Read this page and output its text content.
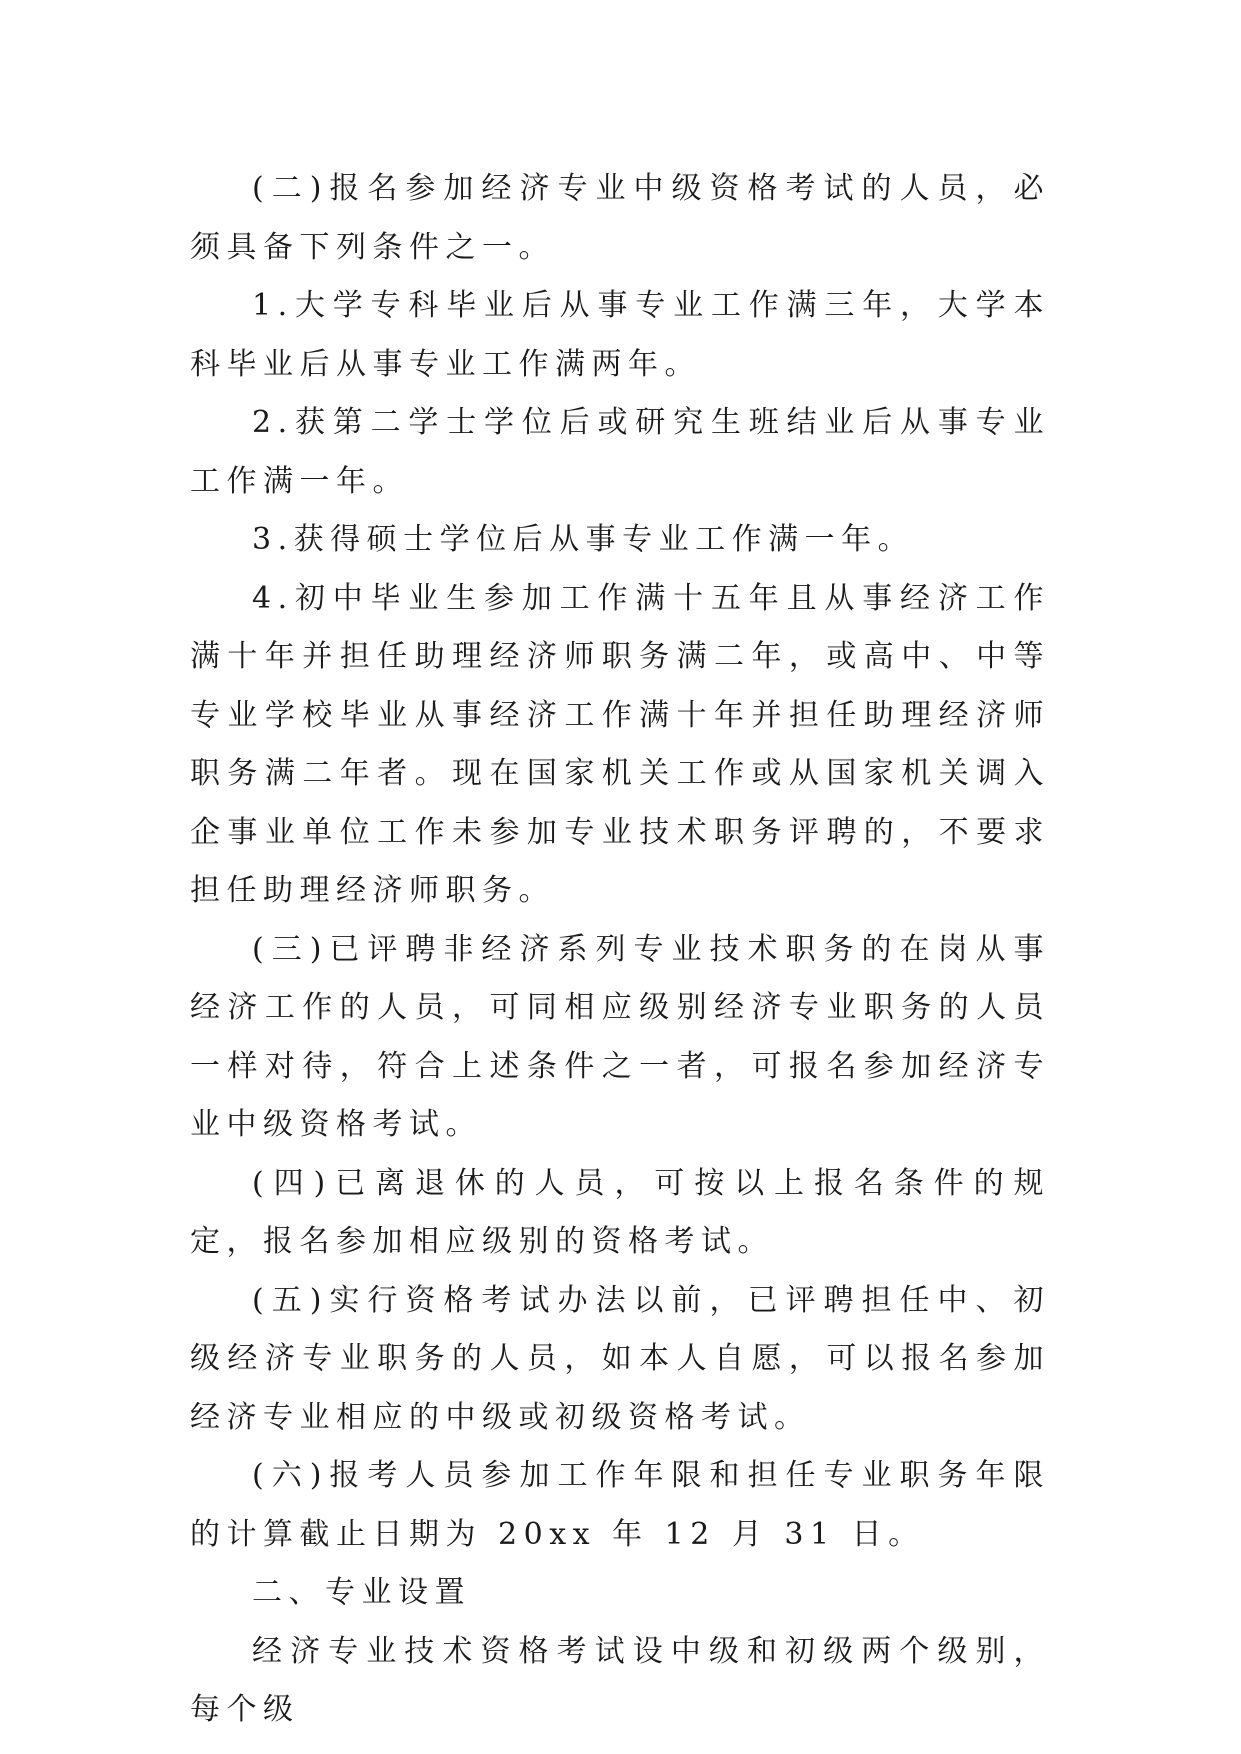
(二)报名参加经济专业中级资格考试的人员，必须具备下列条件之一。

1.大学专科毕业后从事专业工作满三年，大学本科毕业后从事专业工作满两年。

2.获第二学士学位后或研究生班结业后从事专业工作满一年。

3.获得硕士学位后从事专业工作满一年。

4.初中毕业生参加工作满十五年且从事经济工作满十年并担任助理经济师职务满二年，或高中、中等专业学校毕业从事经济工作满十年并担任助理经济师职务满二年者。现在国家机关工作或从国家机关调入企事业单位工作未参加专业技术职务评聘的，不要求担任助理经济师职务。

(三)已评聘非经济系列专业技术职务的在岗从事经济工作的人员，可同相应级别经济专业职务的人员一样对待，符合上述条件之一者，可报名参加经济专业中级资格考试。

(四)已离退休的人员，可按以上报名条件的规定，报名参加相应级别的资格考试。

(五)实行资格考试办法以前，已评聘担任中、初级经济专业职务的人员，如本人自愿，可以报名参加经济专业相应的中级或初级资格考试。

(六)报考人员参加工作年限和担任专业职务年限的计算截止日期为 20xx 年 12 月 31 日。

二、专业设置

经济专业技术资格考试设中级和初级两个级别，每个级
